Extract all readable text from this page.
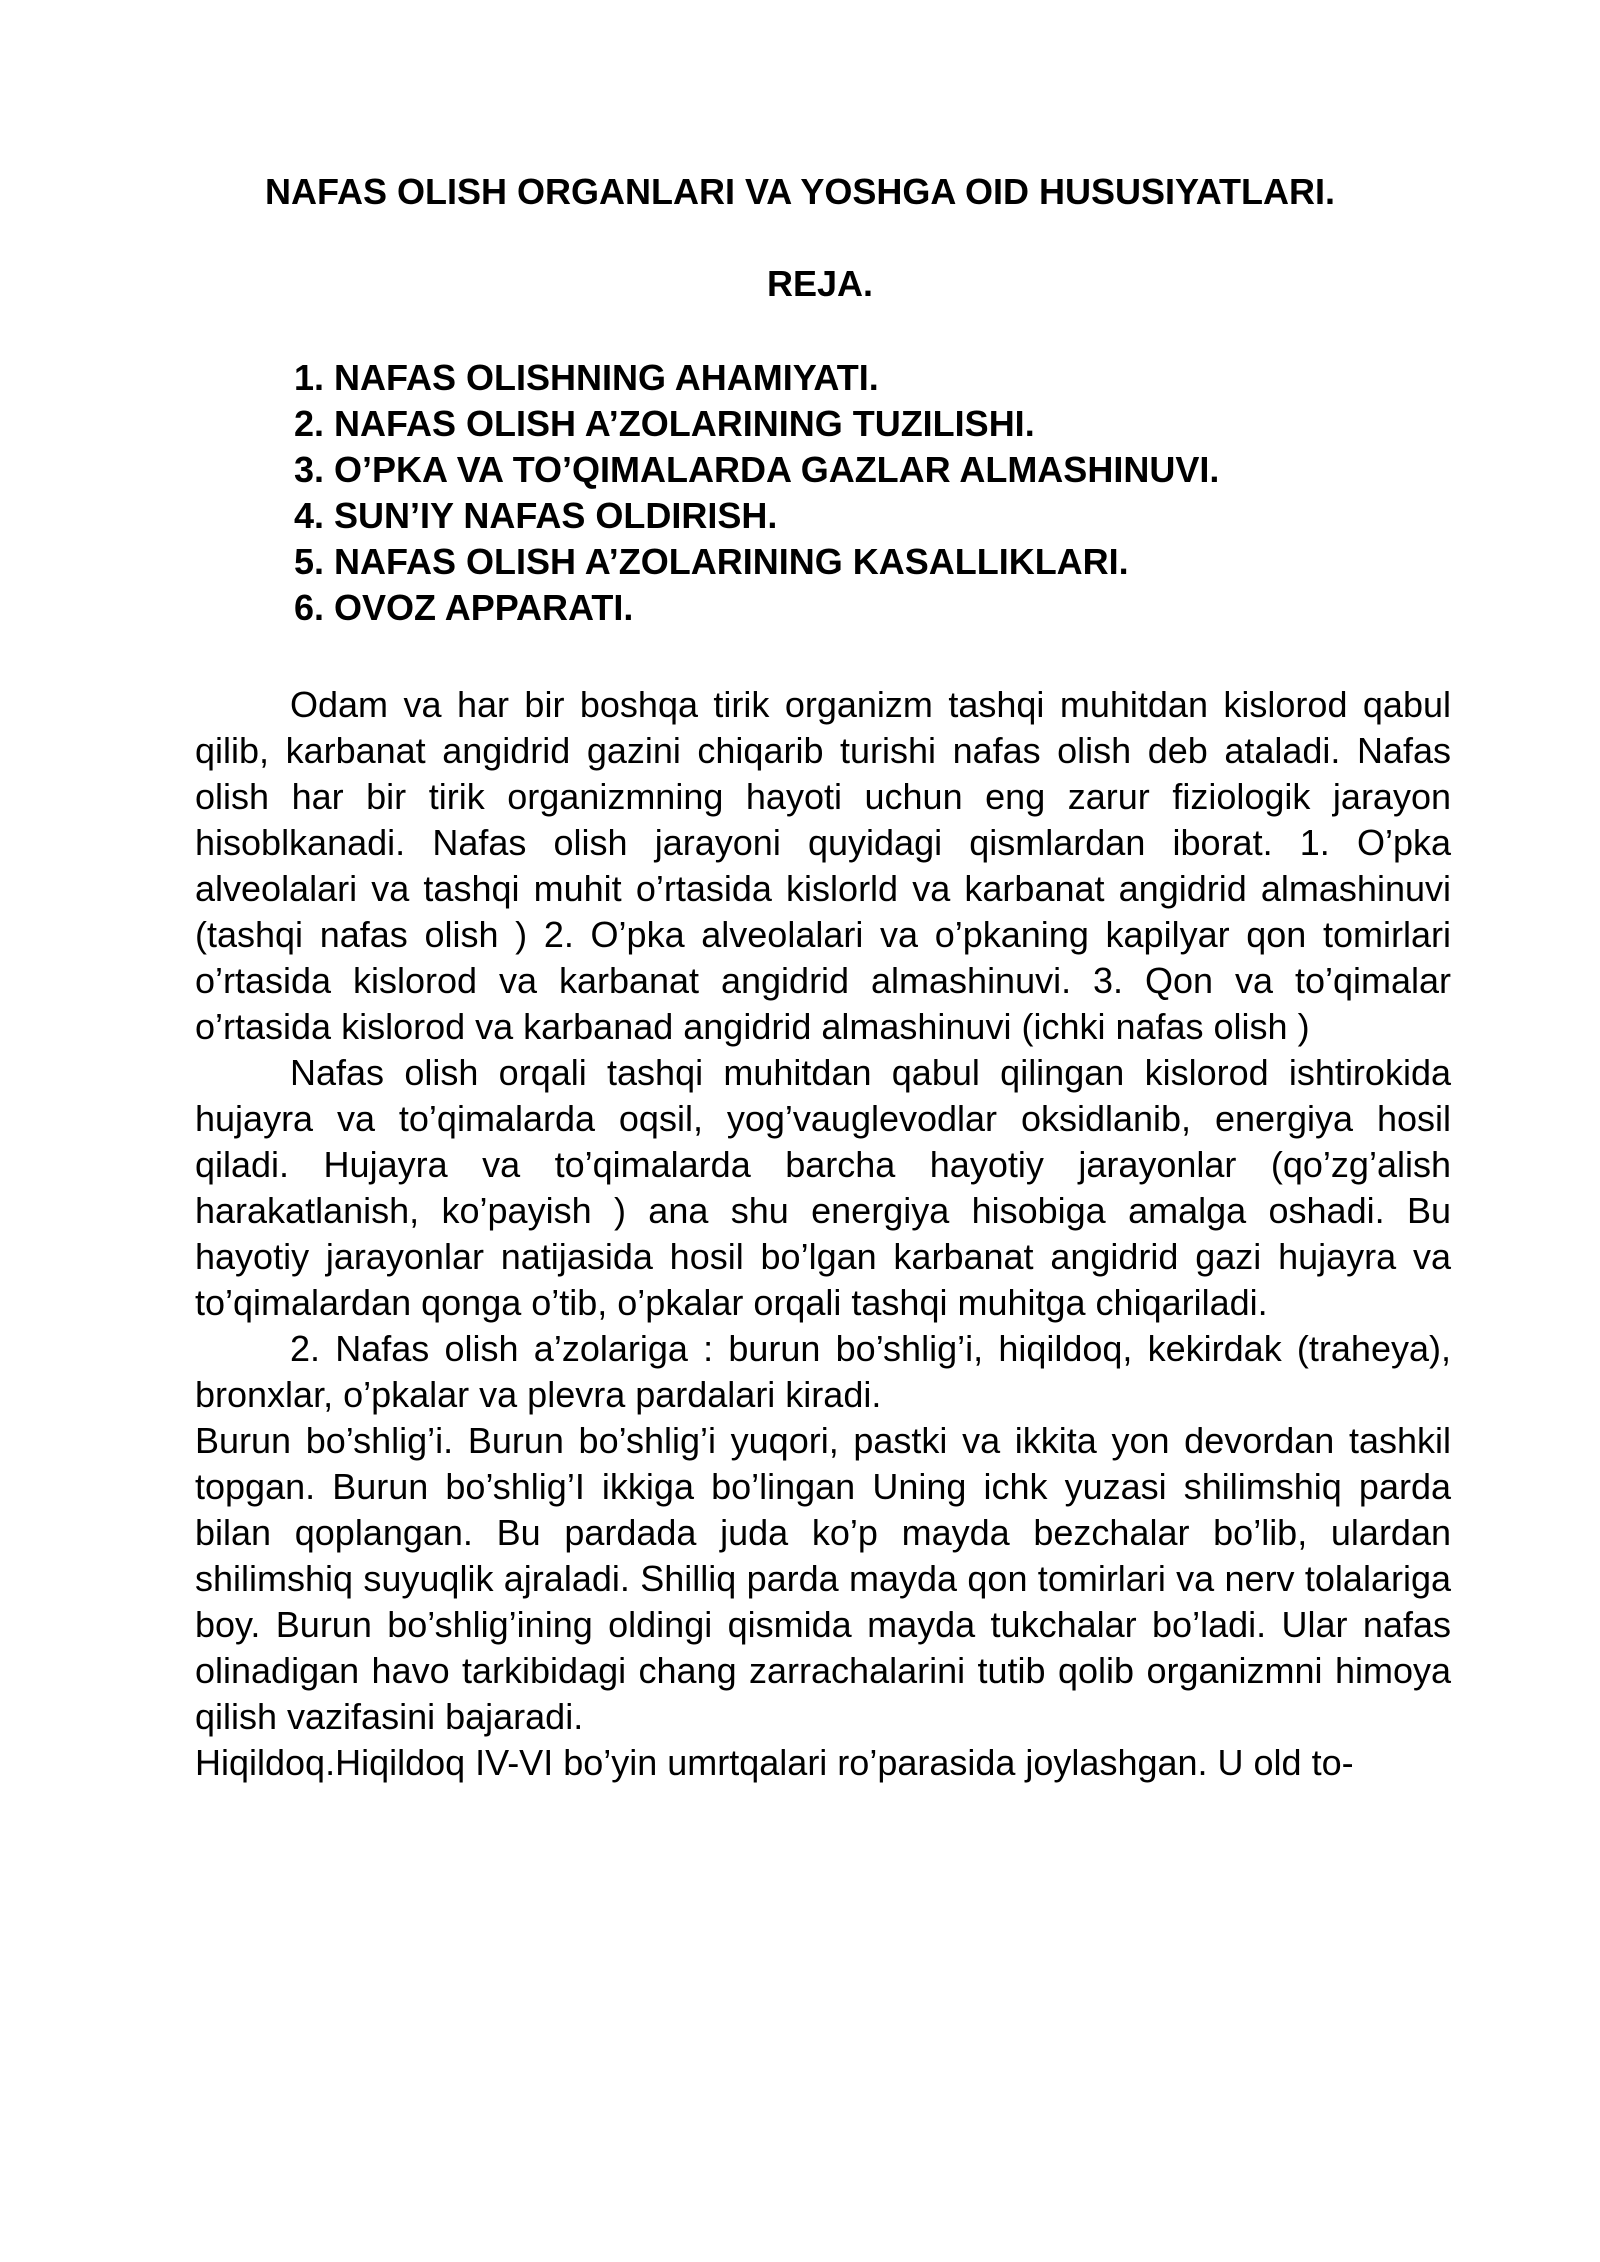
NAFAS OLISH ORGANLARI VA YOSHGA OID HUSUSIYATLARI.
REJA.
1. NAFAS OLISHNING AHAMIYATI.
2. NAFAS OLISH A’ZOLARINING TUZILISHI.
3. O’PKA VA TO’QIMALARDA GAZLAR ALMASHINUVI.
4. SUN’IY NAFAS OLDIRISH.
5. NAFAS OLISH A’ZOLARINING KASALLIKLARI.
6. OVOZ APPARATI.

Odam va har bir boshqa tirik organizm tashqi muhitdan kislorod qabul qilib, karbanat angidrid gazini chiqarib turishi nafas olish deb ataladi. Nafas olish har bir tirik organizmning hayoti uchun eng zarur fiziologik jarayon hisoblkanadi. Nafas olish jarayoni quyidagi qismlardan iborat. 1. O’pka alveolalari va tashqi muhit o’rtasida kislorld va karbanat angidrid almashinuvi (tashqi nafas olish ) 2. O’pka alveolalari va o’pkaning kapilyar qon tomirlari o’rtasida kislorod va karbanat angidrid almashinuvi. 3. Qon va to’qimalar o’rtasida kislorod va karbanad angidrid almashinuvi (ichki nafas olish )

Nafas olish orqali tashqi muhitdan qabul qilingan kislorod ishtirokida hujayra va to’qimalarda oqsil, yog’vauglevodlar oksidlanib, energiya hosil qiladi. Hujayra va to’qimalarda barcha hayotiy jarayonlar (qo’zg’alish harakatlanish, ko’payish ) ana shu energiya hisobiga amalga oshadi. Bu hayotiy jarayonlar natijasida hosil bo’lgan karbanat angidrid gazi hujayra va to’qimalardan qonga o’tib, o’pkalar orqali tashqi muhitga chiqariladi.

2. Nafas olish a’zolariga : burun bo’shlig’i, hiqildoq, kekirdak (traheya), bronxlar, o’pkalar va plevra pardalari kiradi.

Burun bo’shlig’i. Burun bo’shlig’i yuqori, pastki va ikkita yon devordan tashkil topgan. Burun bo’shlig’I ikkiga bo’lingan Uning ichk yuzasi shilimshiq parda bilan qoplangan. Bu pardada juda ko’p mayda bezchalar bo’lib, ulardan shilimshiq suyuqlik ajraladi. Shilliq parda mayda qon tomirlari va nerv tolalariga boy. Burun bo’shlig’ining oldingi qismida mayda tukchalar bo’ladi. Ular nafas olinadigan havo tarkibidagi chang zarrachalarini tutib qolib organizmni himoya qilish vazifasini bajaradi.

Hiqildoq.Hiqildoq IV-VI bo’yin umrtqalari ro’parasida joylashgan. U old to-
